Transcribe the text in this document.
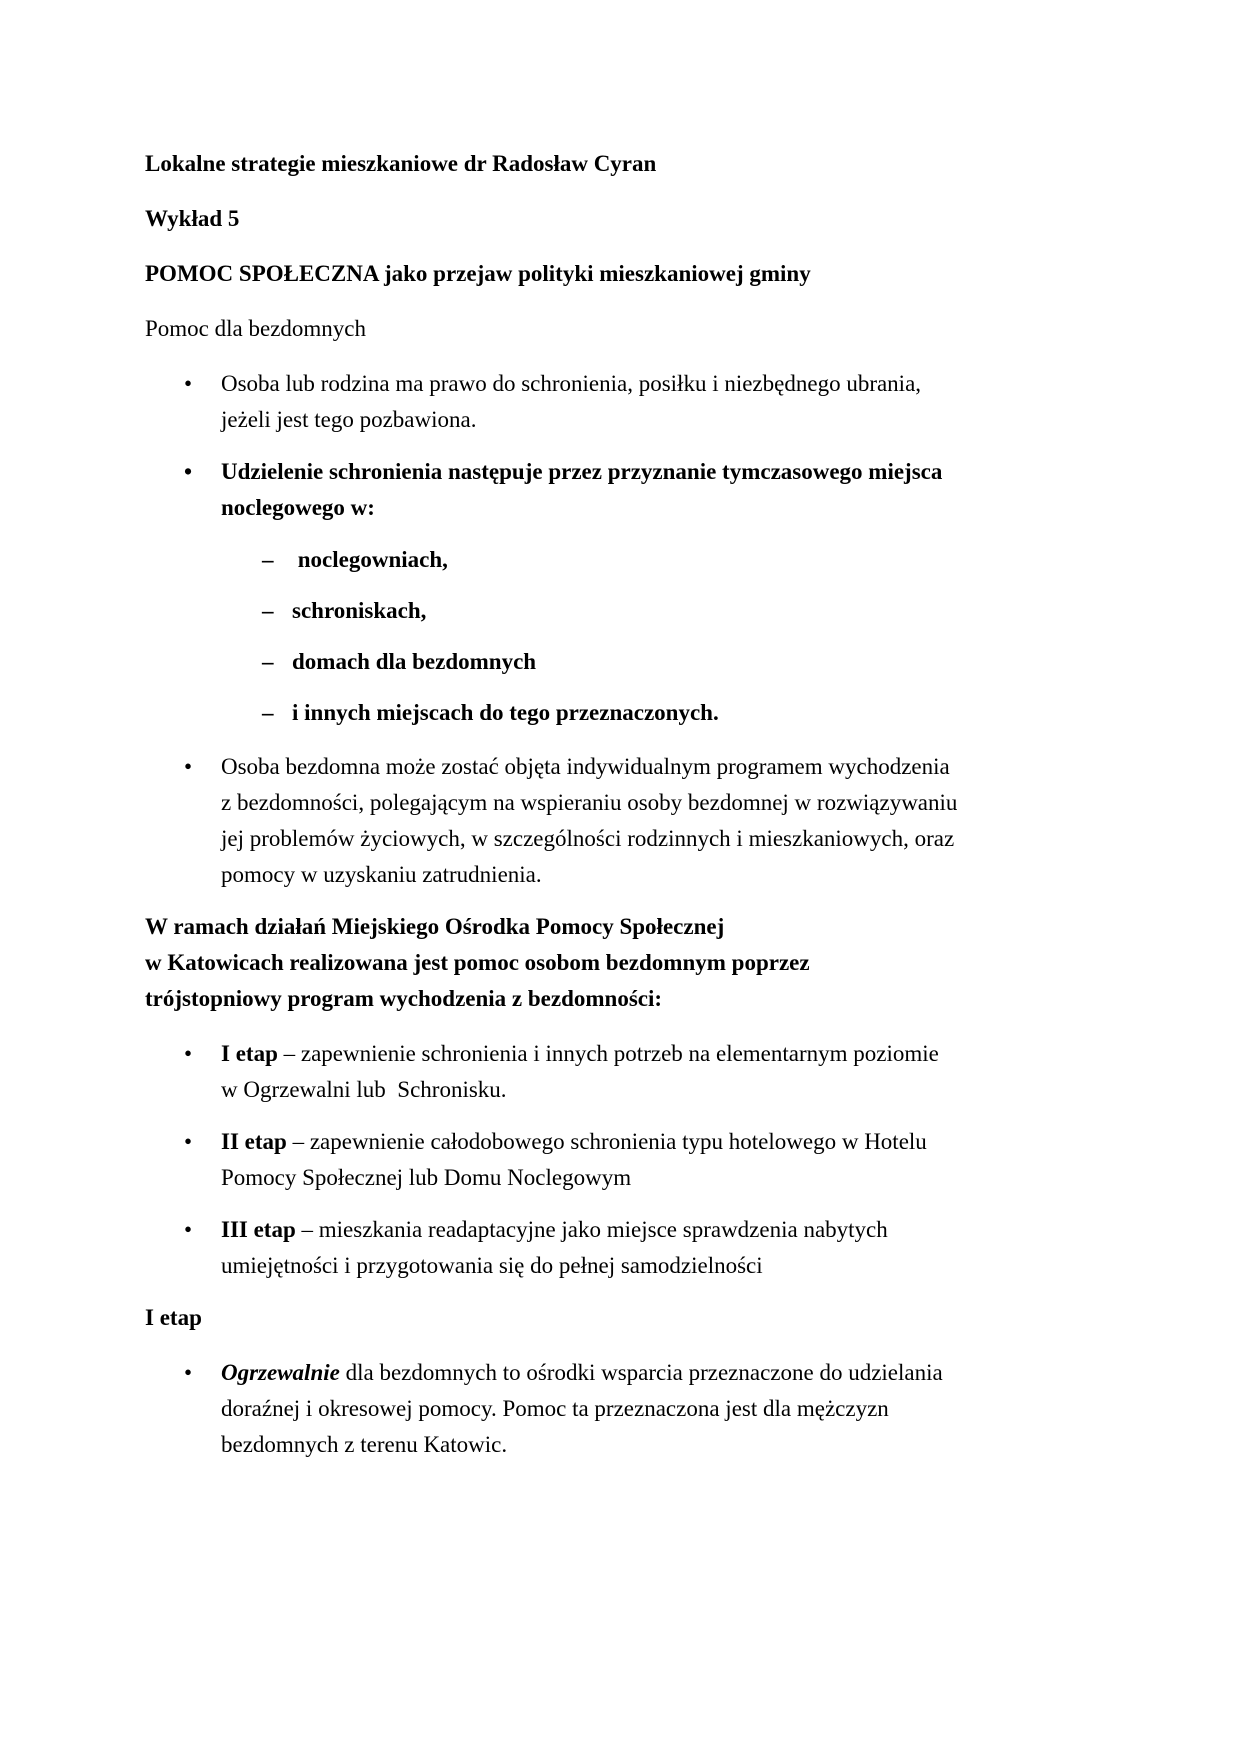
Lokalne strategie mieszkaniowe dr Radosław Cyran

Wykład 5

POMOC SPOŁECZNA jako przejaw polityki mieszkaniowej gminy

Pomoc dla bezdomnych

• Osoba lub rodzina ma prawo do schronienia, posiłku i niezbędnego ubrania,
jeżeli jest tego pozbawiona.
• Udzielenie schronienia następuje przez przyznanie tymczasowego miejsca
noclegowego w:
– noclegowniach,
– schroniskach,
– domach dla bezdomnych
– i innych miejscach do tego przeznaczonych.
• Osoba bezdomna może zostać objęta indywidualnym programem wychodzenia
z bezdomności, polegającym na wspieraniu osoby bezdomnej w rozwiązywaniu
jej problemów życiowych, w szczególności rodzinnych i mieszkaniowych, oraz
pomocy w uzyskaniu zatrudnienia.

W ramach działań Miejskiego Ośrodka Pomocy Społecznej
w Katowicach realizowana jest pomoc osobom bezdomnym poprzez
trójstopniowy program wychodzenia z bezdomności:

• I etap – zapewnienie schronienia i innych potrzeb na elementarnym poziomie
w Ogrzewalni lub  Schronisku.
• II etap – zapewnienie całodobowego schronienia typu hotelowego w Hotelu
Pomocy Społecznej lub Domu Noclegowym
• III etap – mieszkania readaptacyjne jako miejsce sprawdzenia nabytych
umiejętności i przygotowania się do pełnej samodzielności

I etap

• Ogrzewalnie dla bezdomnych to ośrodki wsparcia przeznaczone do udzielania
doraźnej i okresowej pomocy. Pomoc ta przeznaczona jest dla mężczyzn
bezdomnych z terenu Katowic.
